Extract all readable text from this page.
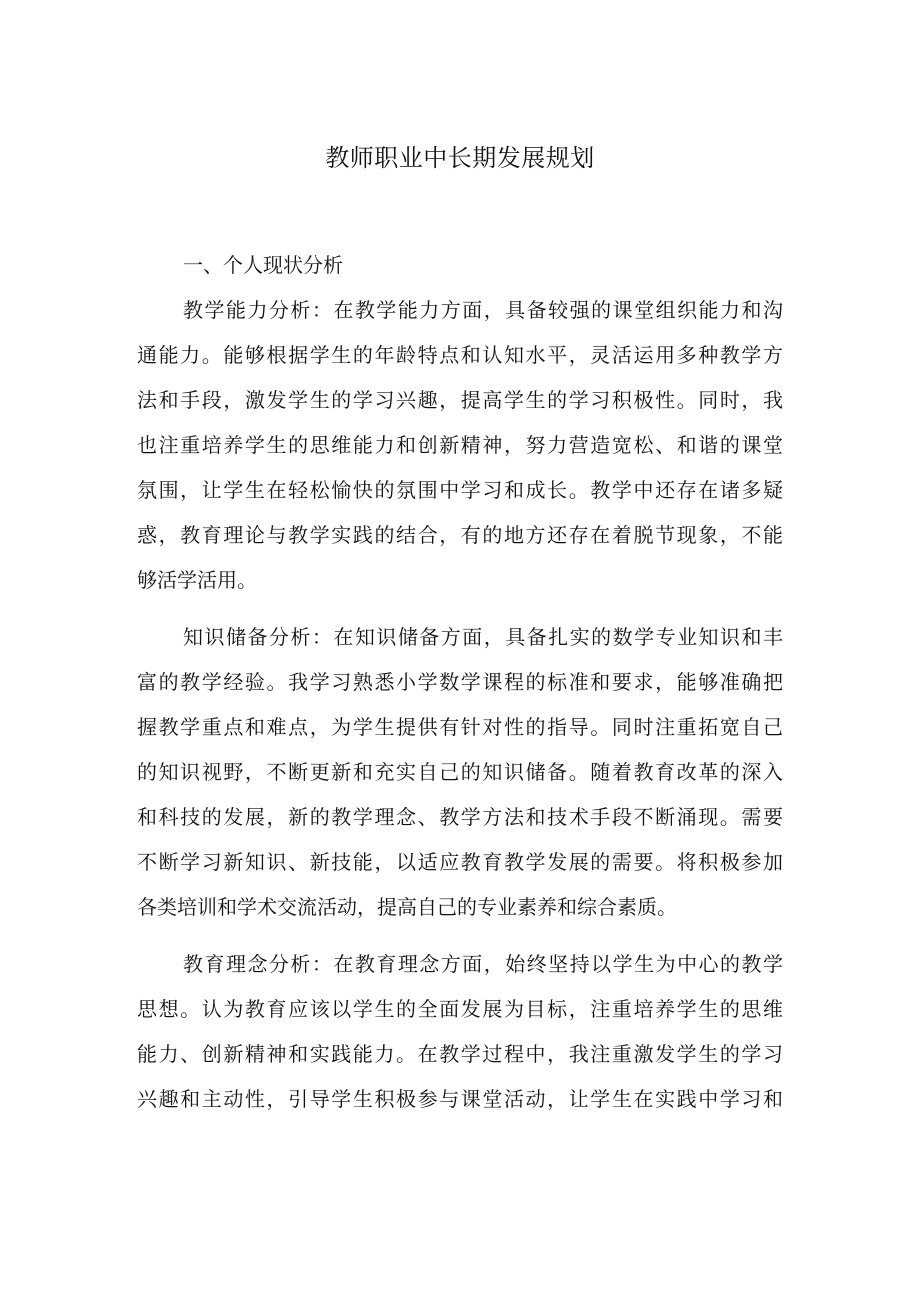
教师职业中长期发展规划
一、个人现状分析
教学能力分析：在教学能力方面，具备较强的课堂组织能力和沟
通能力。能够根据学生的年龄特点和认知水平，灵活运用多种教学方
法和手段，激发学生的学习兴趣，提高学生的学习积极性。同时，我
也注重培养学生的思维能力和创新精神，努力营造宽松、和谐的课堂
氛围，让学生在轻松愉快的氛围中学习和成长。教学中还存在诸多疑
惑，教育理论与教学实践的结合，有的地方还存在着脱节现象，不能
够活学活用。
知识储备分析：在知识储备方面，具备扎实的数学专业知识和丰
富的教学经验。我学习熟悉小学数学课程的标准和要求，能够准确把
握教学重点和难点，为学生提供有针对性的指导。同时注重拓宽自己
的知识视野，不断更新和充实自己的知识储备。随着教育改革的深入
和科技的发展，新的教学理念、教学方法和技术手段不断涌现。需要
不断学习新知识、新技能，以适应教育教学发展的需要。将积极参加
各类培训和学术交流活动，提高自己的专业素养和综合素质。
教育理念分析：在教育理念方面，始终坚持以学生为中心的教学
思想。认为教育应该以学生的全面发展为目标，注重培养学生的思维
能力、创新精神和实践能力。在教学过程中，我注重激发学生的学习
兴趣和主动性，引导学生积极参与课堂活动，让学生在实践中学习和
